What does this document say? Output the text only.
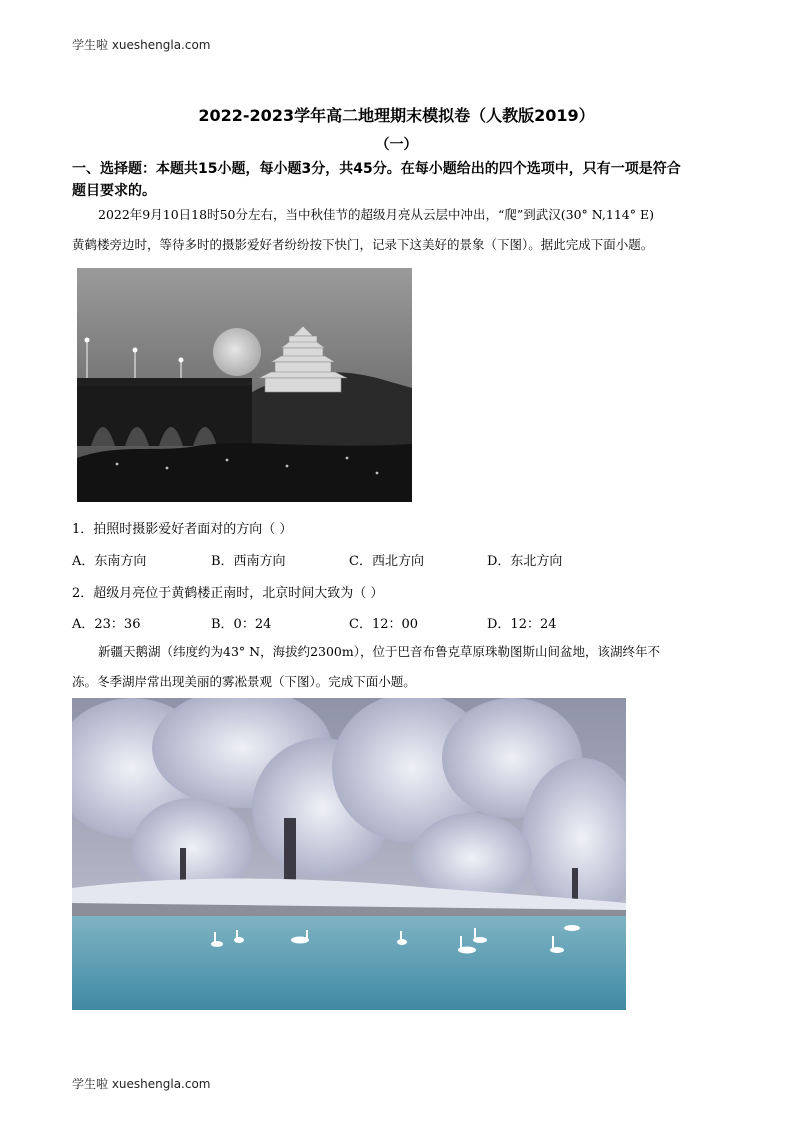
学生啦 xueshengla.com
2022-2023学年高二地理期末模拟卷（人教版2019）
（一）
一、选择题：本题共15小题，每小题3分，共45分。在每小题给出的四个选项中，只有一项是符合
题目要求的。
2022年9月10日18时50分左右，当中秋佳节的超级月亮从云层中冲出，“爬”到武汉(30° N,114° E)
黄鹤楼旁边时，等待多时的摄影爱好者纷纷按下快门，记录下这美好的景象（下图）。据此完成下面小题。
1．拍照时摄影爱好者面对的方向（ ）
A．东南方向	B．西南方向	C．西北方向	D．东北方向
2．超级月亮位于黄鹤楼正南时，北京时间大致为（ ）
A．23：36	B．0：24	C．12：00	D．12：24
新疆天鹅湖（纬度约为43° N，海拔约2300m），位于巴音布鲁克草原珠勒图斯山间盆地，该湖终年不
冻。冬季湖岸常出现美丽的雾凇景观（下图）。完成下面小题。
学生啦 xueshengla.com
